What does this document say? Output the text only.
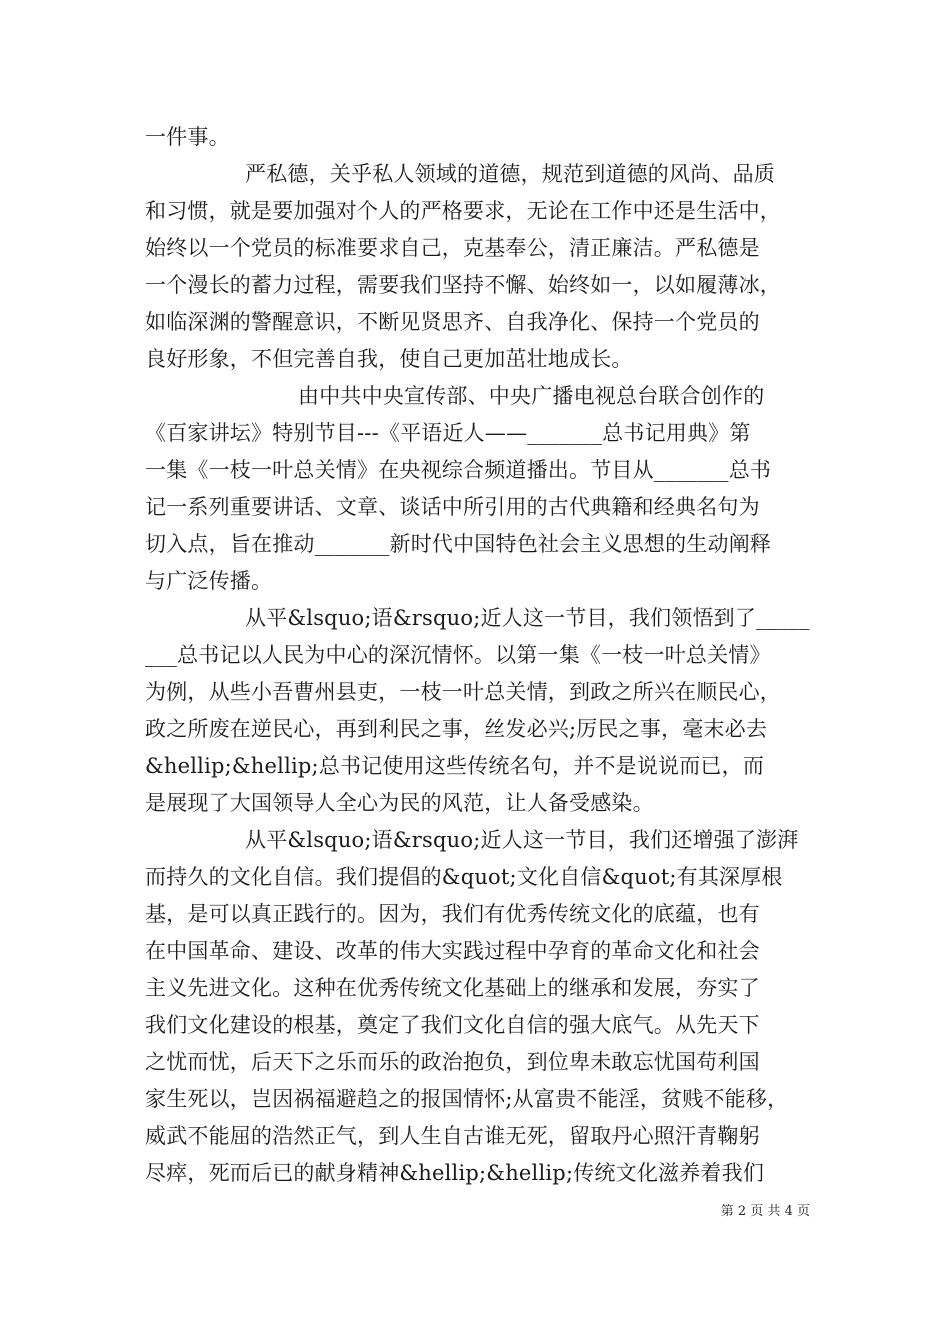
一件事。
严私德，关乎私人领域的道德，规范到道德的风尚、品质
和习惯，就是要加强对个人的严格要求，无论在工作中还是生活中，
始终以一个党员的标准要求自己，克基奉公，清正廉洁。严私德是
一个漫长的蓄力过程，需要我们坚持不懈、始终如一，以如履薄冰，
如临深渊的警醒意识，不断见贤思齐、自我净化、保持一个党员的
良好形象，不但完善自我，使自己更加茁壮地成长。
由中共中央宣传部、中央广播电视总台联合创作的
《百家讲坛》特别节目---《平语近人——_______总书记用典》第
一集《一枝一叶总关情》在央视综合频道播出。节目从_______总书
记一系列重要讲话、文章、谈话中所引用的古代典籍和经典名句为
切入点，旨在推动_______新时代中国特色社会主义思想的生动阐释
与广泛传播。
从平&lsquo;语&rsquo;近人这一节目，我们领悟到了_____
___总书记以人民为中心的深沉情怀。以第一集《一枝一叶总关情》
为例，从些小吾曹州县吏，一枝一叶总关情，到政之所兴在顺民心，
政之所废在逆民心，再到利民之事，丝发必兴;厉民之事，毫末必去
&hellip;&hellip;总书记使用这些传统名句，并不是说说而已，而
是展现了大国领导人全心为民的风范，让人备受感染。
从平&lsquo;语&rsquo;近人这一节目，我们还增强了澎湃
而持久的文化自信。我们提倡的&quot;文化自信&quot;有其深厚根
基，是可以真正践行的。因为，我们有优秀传统文化的底蕴，也有
在中国革命、建设、改革的伟大实践过程中孕育的革命文化和社会
主义先进文化。这种在优秀传统文化基础上的继承和发展，夯实了
我们文化建设的根基，奠定了我们文化自信的强大底气。从先天下
之忧而忧，后天下之乐而乐的政治抱负，到位卑未敢忘忧国苟利国
家生死以，岂因祸福避趋之的报国情怀;从富贵不能淫，贫贱不能移，
威武不能屈的浩然正气，到人生自古谁无死，留取丹心照汗青鞠躬
尽瘁，死而后已的献身精神&hellip;&hellip;传统文化滋养着我们
第 2 页 共 4 页
